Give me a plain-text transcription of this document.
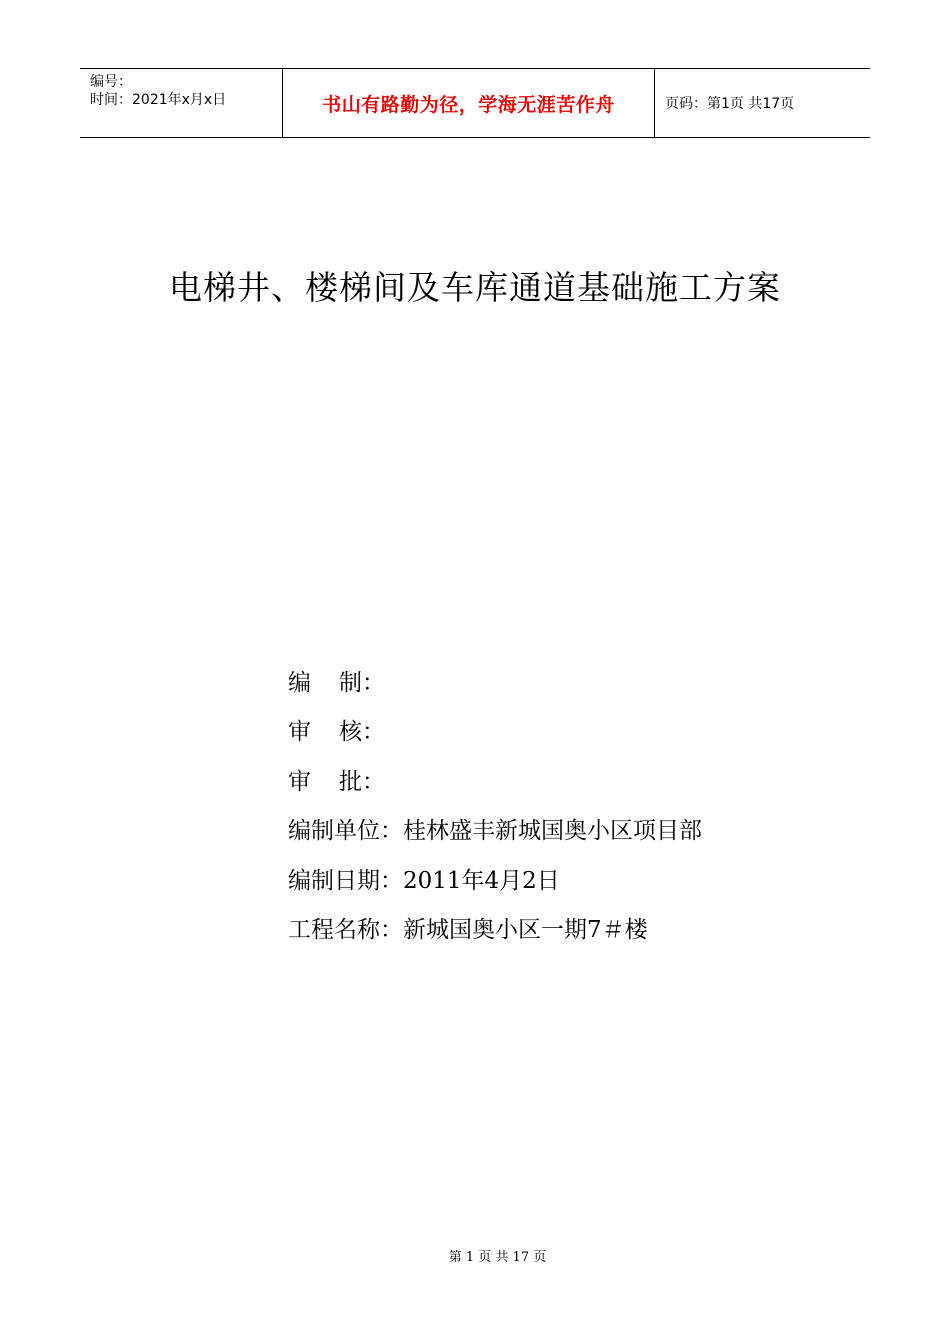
编号：
时间：2021年x月x日	书山有路勤为径，学海无涯苦作舟	页码：第1页 共17页
电梯井、楼梯间及车库通道基础施工方案
编 制：
审 核：
审 批：
编制单位：桂林盛丰新城国奥小区项目部
编制日期：2011年4月2日
工程名称：新城国奥小区一期7＃楼
第 1 页 共 17 页
